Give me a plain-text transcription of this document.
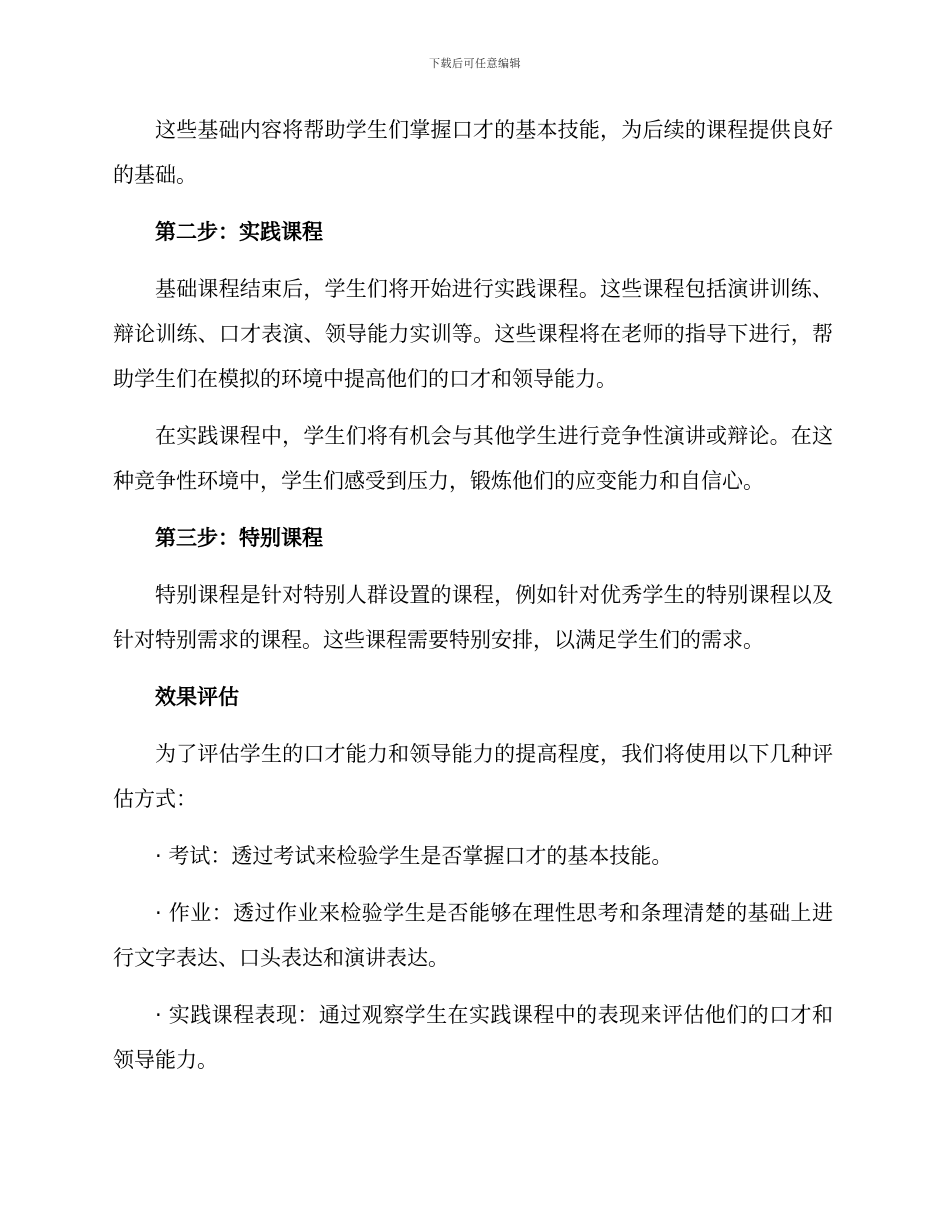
下载后可任意编辑

这些基础内容将帮助学生们掌握口才的基本技能，为后续的课程提供良好的基础。

第二步：实践课程

基础课程结束后，学生们将开始进行实践课程。这些课程包括演讲训练、辩论训练、口才表演、领导能力实训等。这些课程将在老师的指导下进行，帮助学生们在模拟的环境中提高他们的口才和领导能力。

在实践课程中，学生们将有机会与其他学生进行竞争性演讲或辩论。在这种竞争性环境中，学生们感受到压力，锻炼他们的应变能力和自信心。

第三步：特别课程

特别课程是针对特别人群设置的课程，例如针对优秀学生的特别课程以及针对特别需求的课程。这些课程需要特别安排，以满足学生们的需求。

效果评估

为了评估学生的口才能力和领导能力的提高程度，我们将使用以下几种评估方式：

· 考试：透过考试来检验学生是否掌握口才的基本技能。

· 作业：透过作业来检验学生是否能够在理性思考和条理清楚的基础上进行文字表达、口头表达和演讲表达。

· 实践课程表现：通过观察学生在实践课程中的表现来评估他们的口才和领导能力。
